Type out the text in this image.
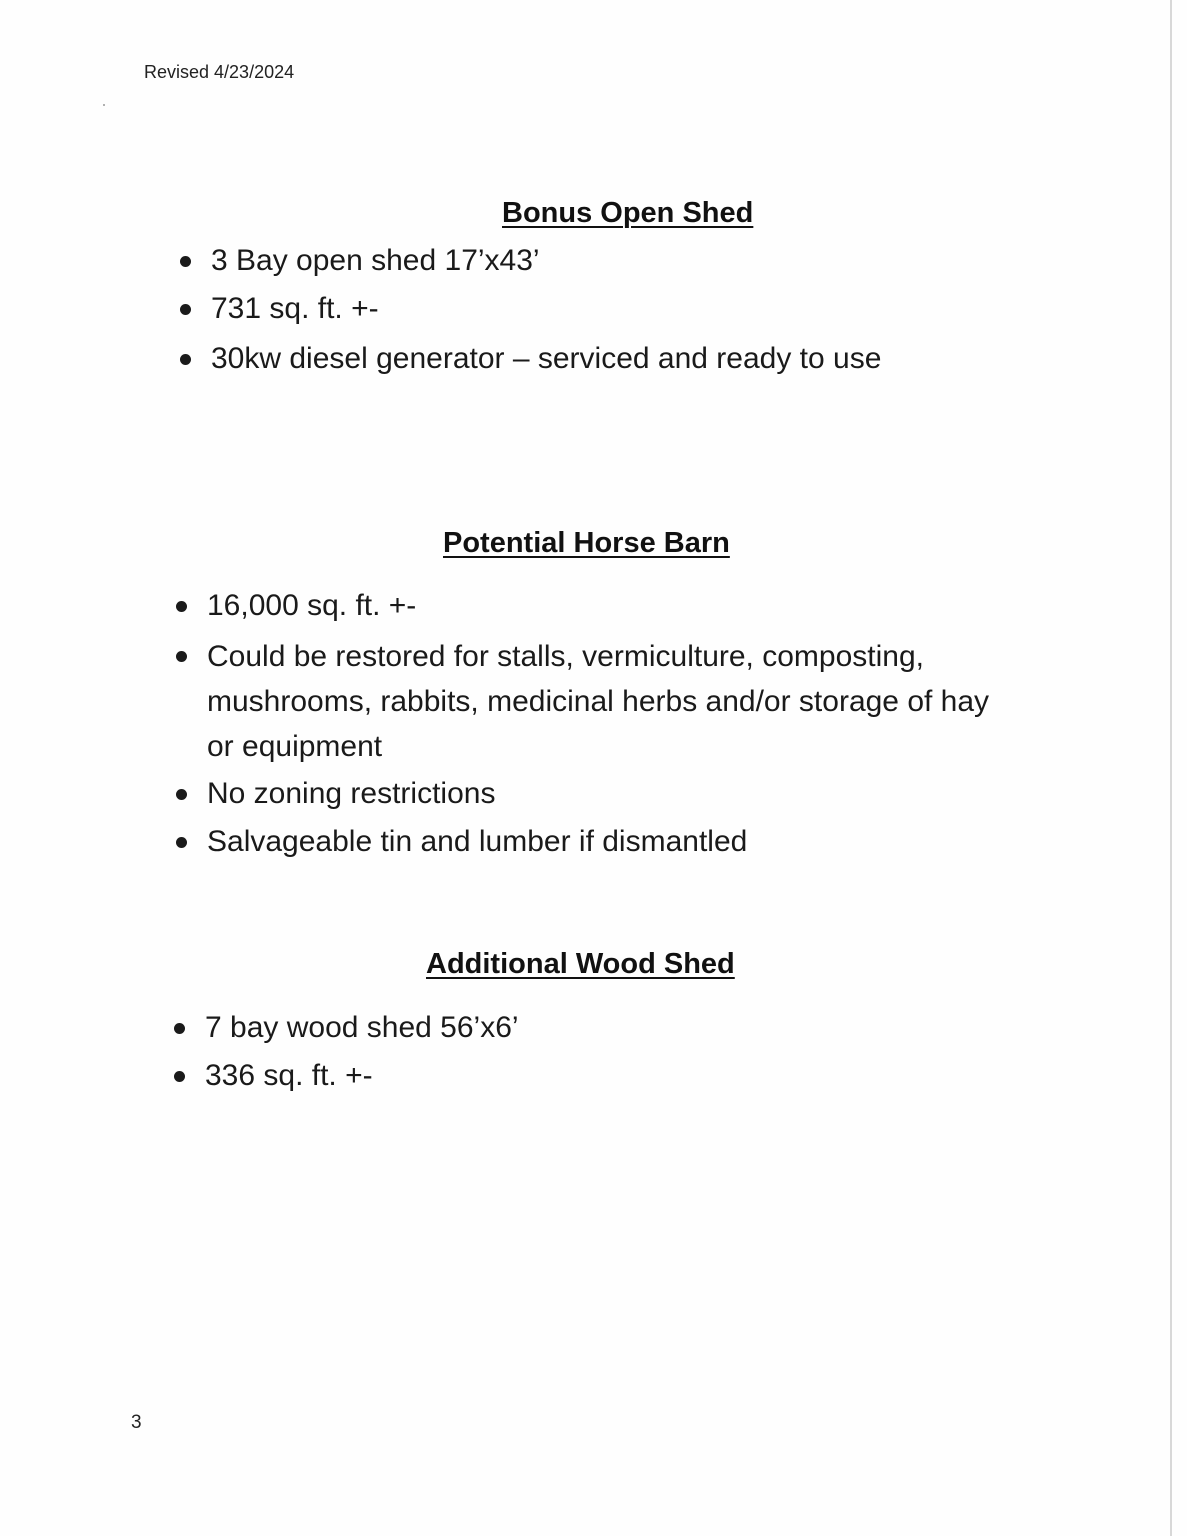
Revised 4/23/2024
Bonus Open Shed
3 Bay open shed 17’x43’
731 sq. ft. +-
30kw diesel generator – serviced and ready to use
Potential Horse Barn
16,000 sq. ft. +-
Could be restored for stalls, vermiculture, composting,
mushrooms, rabbits, medicinal herbs and/or storage of hay
or equipment
No zoning restrictions
Salvageable tin and lumber if dismantled
Additional Wood Shed
7 bay wood shed 56’x6’
336 sq. ft. +-
3
